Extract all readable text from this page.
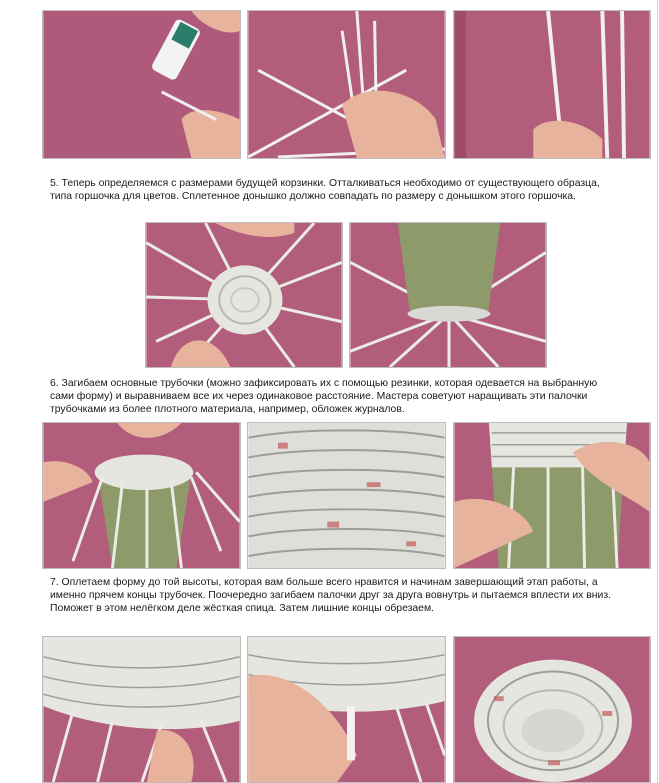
5. Теперь определяемся с размерами будущей корзинки. Отталкиваться необходимо от существующего образца, типа горшочка для цветов. Сплетенное донышко должно совпадать по размеру с донышком этого горшочка.
6. Загибаем основные трубочки (можно зафиксировать их с помощью резинки, которая одевается на выбранную сами форму) и выравниваем все их через одинаковое расстояние. Мастера советуют наращивать эти палочки трубочками из более плотного материала, например, обложек журналов.
7. Оплетаем форму до той высоты, которая вам больше всего нравится и начинам завершающий этап работы, а именно прячем концы трубочек. Поочередно загибаем палочки друг за друга вовнутрь и пытаемся вплести их вниз. Поможет в этом нелёгком деле жёсткая спица. Затем лишние концы обрезаем.
